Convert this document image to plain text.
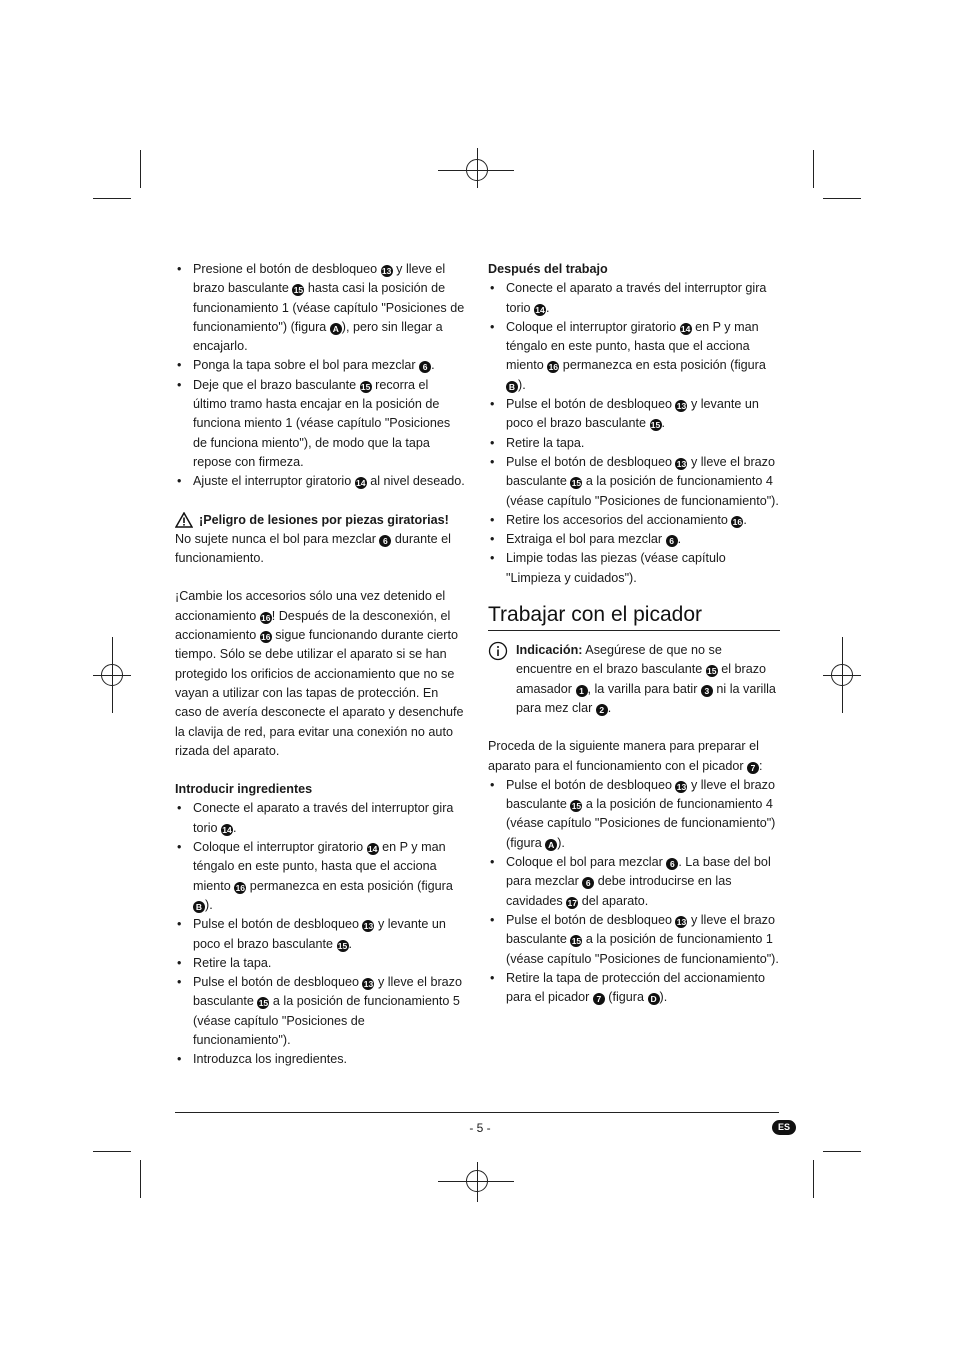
• Presione el botón de desbloqueo 13 y lleve el brazo basculante 15 hasta casi la posición de funcionamiento 1 (véase capítulo "Posiciones de funcionamiento") (figura A ), pero sin llegar a encajarlo.
• Ponga la tapa sobre el bol para mezclar 6 .
• Deje que el brazo basculante 15 recorra el último tramo hasta encajar en la posición de funciona miento 1 (véase capítulo "Posiciones de funciona miento"), de modo que la tapa repose con firmeza.
• Ajuste el interruptor giratorio 14 al nivel deseado.
¡Peligro de lesiones por piezas giratorias!

No sujete nunca el bol para mezclar 6 durante el funcionamiento.

¡Cambie los accesorios sólo una vez detenido el accionamiento 16! Después de la desconexión, el accionamiento 16 sigue funcionando durante cierto tiempo. Sólo se debe utilizar el aparato si se han protegido los orificios de accionamiento que no se vayan a utilizar con las tapas de protección. En caso de avería desconecte el aparato y desenchufe la clavija de red, para evitar una conexión no auto rizada del aparato.

Introducir ingredientes

• Conecte el aparato a través del interruptor gira torio 14.
• Coloque el interruptor giratorio 14 en P y man téngalo en este punto, hasta que el acciona miento 16 permanezca en esta posición (figura B ).
• Pulse el botón de desbloqueo 13 y levante un poco el brazo basculante 15.
• Retire la tapa.
• Pulse el botón de desbloqueo 13 y lleve el brazo basculante 15 a la posición de funcionamiento 5 (véase capítulo "Posiciones de funcionamiento").
• Introduzca los ingredientes.

Después del trabajo

• Conecte el aparato a través del interruptor gira torio 14.
• Coloque el interruptor giratorio 14 en P y man téngalo en este punto, hasta que el acciona miento 16 permanezca en esta posición (figura B ).
• Pulse el botón de desbloqueo 13 y levante un poco el brazo basculante 15.
• Retire la tapa.
• Pulse el botón de desbloqueo 13 y lleve el brazo basculante 15 a la posición de funcionamiento 4 (véase capítulo "Posiciones de funcionamiento").
• Retire los accesorios del accionamiento 16.
• Extraiga el bol para mezclar 6 .
• Limpie todas las piezas (véase capítulo "Limpieza y cuidados").
Trabajar con el picador
Indicación: Asegúrese de que no se encuentre en el brazo basculante 15 el brazo amasador 1 , la varilla para batir 3 ni la varilla para mez clar 2 .

Proceda de la siguiente manera para preparar el aparato para el funcionamiento con el picador 7 :

• Pulse el botón de desbloqueo 13 y lleve el brazo basculante 15 a la posición de funcionamiento 4 (véase capítulo "Posiciones de funcionamiento") (figura A ).
• Coloque el bol para mezclar 6 . La base del bol para mezclar 6 debe introducirse en las cavidades 17 del aparato.
• Pulse el botón de desbloqueo 13 y lleve el brazo basculante 15 a la posición de funcionamiento 1 (véase capítulo "Posiciones de funcionamiento").
• Retire la tapa de protección del accionamiento para el picador 7 (figura D ).
- 5 -	ES
